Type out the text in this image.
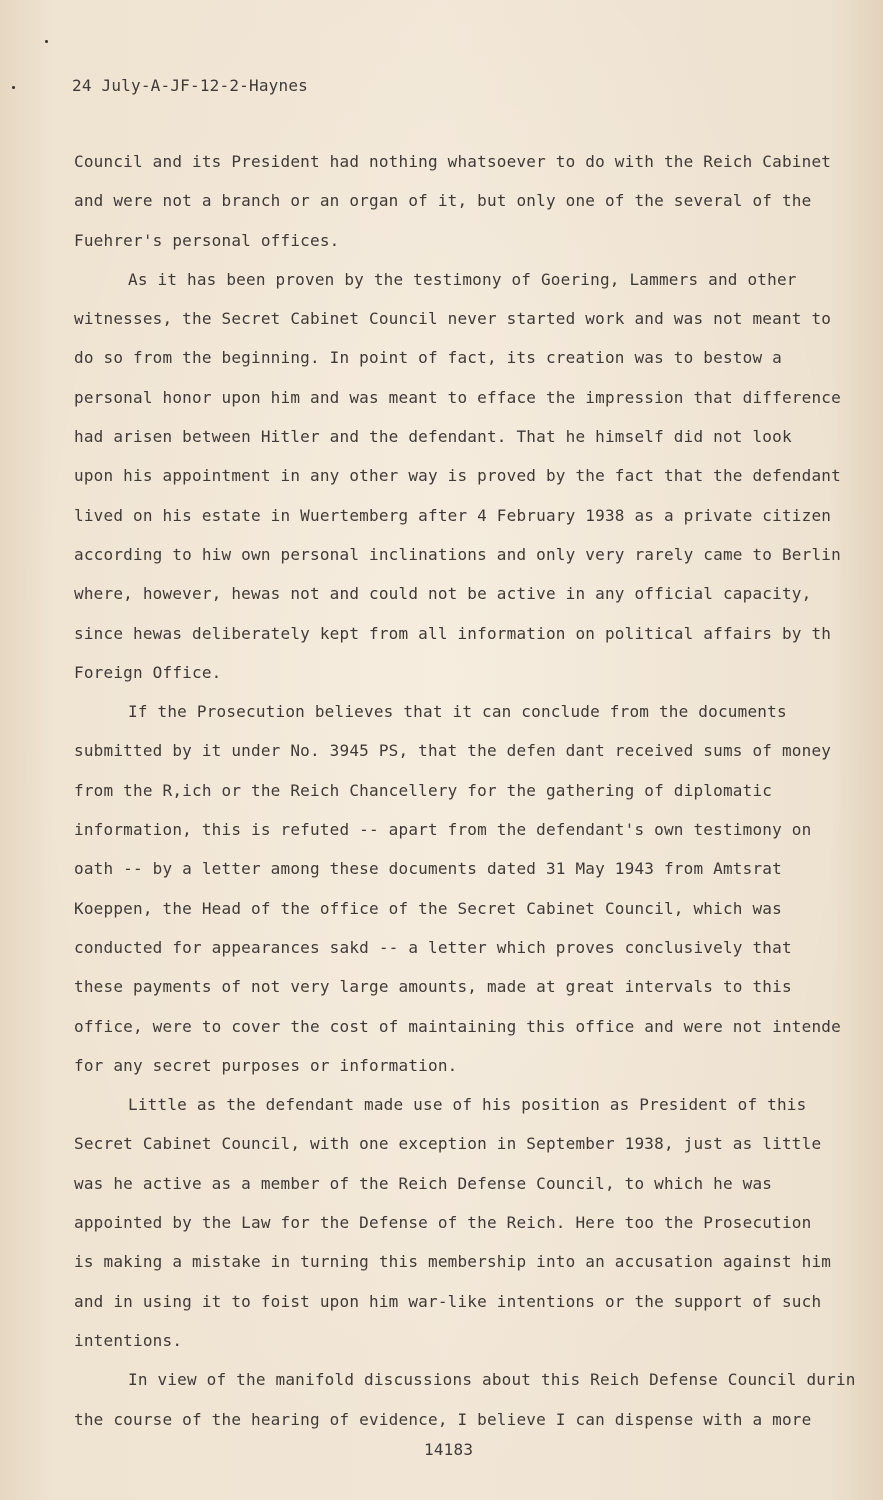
24 July-A-JF-12-2-Haynes
Council and its President had nothing whatsoever to do with the Reich Cabinet
and were not a branch or an organ of it, but only one of the several of the
Fuehrer's personal offices.
As it has been proven by the testimony of Goering, Lammers and other
witnesses, the Secret Cabinet Council never started work and was not meant to
do so from the beginning. In point of fact, its creation was to bestow a
personal honor upon him and was meant to efface the impression that difference
had arisen between Hitler and the defendant. That he himself did not look
upon his appointment in any other way is proved by the fact that the defendant
lived on his estate in Wuertemberg after 4 February 1938 as a private citizen
according to hiw own personal inclinations and only very rarely came to Berlin
where, however, hewas not and could not be active in any official capacity,
since hewas deliberately kept from all information on political affairs by th
Foreign Office.
If the Prosecution believes that it can conclude from the documents
submitted by it under No. 3945 PS, that the defen dant received sums of money
from the R,ich or the Reich Chancellery for the gathering of diplomatic
information, this is refuted -- apart from the defendant's own testimony on
oath -- by a letter among these documents dated 31 May 1943 from Amtsrat
Koeppen, the Head of the office of the Secret Cabinet Council, which was
conducted for appearances sakd -- a letter which proves conclusively that
these payments of not very large amounts, made at great intervals to this
office, were to cover the cost of maintaining this office and were not intende
for any secret purposes or information.
Little as the defendant made use of his position as President of this
Secret Cabinet Council, with one exception in September 1938, just as little
was he active as a member of the Reich Defense Council, to which he was
appointed by the Law for the Defense of the Reich. Here too the Prosecution
is making a mistake in turning this membership into an accusation against him
and in using it to foist upon him war-like intentions or the support of such
intentions.
In view of the manifold discussions about this Reich Defense Council durin
the course of the hearing of evidence, I believe I can dispense with a more
14183
